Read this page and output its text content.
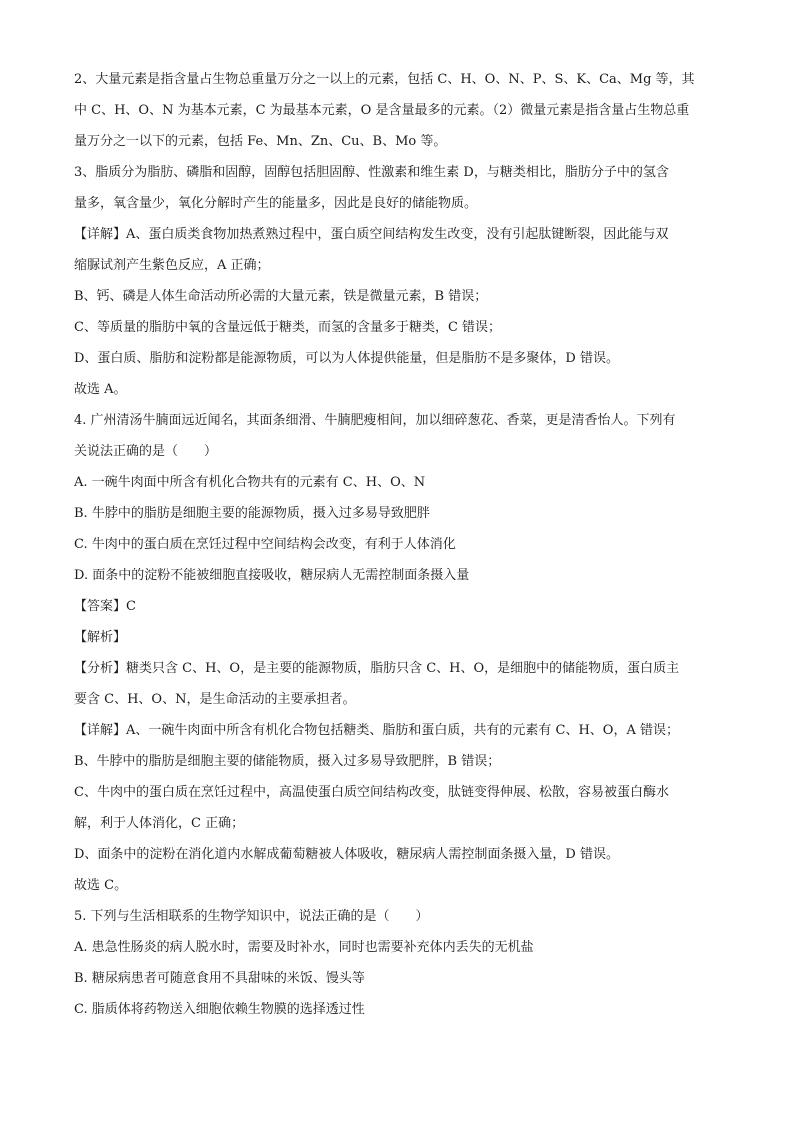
2、大量元素是指含量占生物总重量万分之一以上的元素，包括 C、H、O、N、P、S、K、Ca、Mg 等，其
中 C、H、O、N 为基本元素，C 为最基本元素，O 是含量最多的元素。（2）微量元素是指含量占生物总重
量万分之一以下的元素，包括 Fe、Mn、Zn、Cu、B、Mo 等。
3、脂质分为脂肪、磷脂和固醇，固醇包括胆固醇、性激素和维生素 D，与糖类相比，脂肪分子中的氢含
量多，氧含量少，氧化分解时产生的能量多，因此是良好的储能物质。
【详解】A、蛋白质类食物加热煮熟过程中，蛋白质空间结构发生改变，没有引起肽键断裂，因此能与双
缩脲试剂产生紫色反应，A 正确；
B、钙、磷是人体生命活动所必需的大量元素，铁是微量元素，B 错误；
C、等质量的脂肪中氧的含量远低于糖类，而氢的含量多于糖类，C 错误；
D、蛋白质、脂肪和淀粉都是能源物质，可以为人体提供能量，但是脂肪不是多聚体，D 错误。
故选 A。
4. 广州清汤牛腩面远近闻名，其面条细滑、牛腩肥瘦相间，加以细碎葱花、香菜，更是清香怡人。下列有
关说法正确的是（　　）
A. 一碗牛肉面中所含有机化合物共有的元素有 C、H、O、N
B. 牛脖中的脂肪是细胞主要的能源物质，摄入过多易导致肥胖
C. 牛肉中的蛋白质在烹饪过程中空间结构会改变，有利于人体消化
D. 面条中的淀粉不能被细胞直接吸收，糖尿病人无需控制面条摄入量
【答案】C
【解析】
【分析】糖类只含 C、H、O，是主要的能源物质，脂肪只含 C、H、O，是细胞中的储能物质，蛋白质主
要含 C、H、O、N，是生命活动的主要承担者。
【详解】A、一碗牛肉面中所含有机化合物包括糖类、脂肪和蛋白质，共有的元素有 C、H、O，A 错误；
B、牛脖中的脂肪是细胞主要的储能物质，摄入过多易导致肥胖，B 错误；
C、牛肉中的蛋白质在烹饪过程中，高温使蛋白质空间结构改变，肽链变得伸展、松散，容易被蛋白酶水
解，利于人体消化，C 正确；
D、面条中的淀粉在消化道内水解成葡萄糖被人体吸收，糖尿病人需控制面条摄入量，D 错误。
故选 C。
5. 下列与生活相联系的生物学知识中，说法正确的是（　　）
A. 患急性肠炎的病人脱水时，需要及时补水，同时也需要补充体内丢失的无机盐
B. 糖尿病患者可随意食用不具甜味的米饭、馒头等
C. 脂质体将药物送入细胞依赖生物膜的选择透过性
